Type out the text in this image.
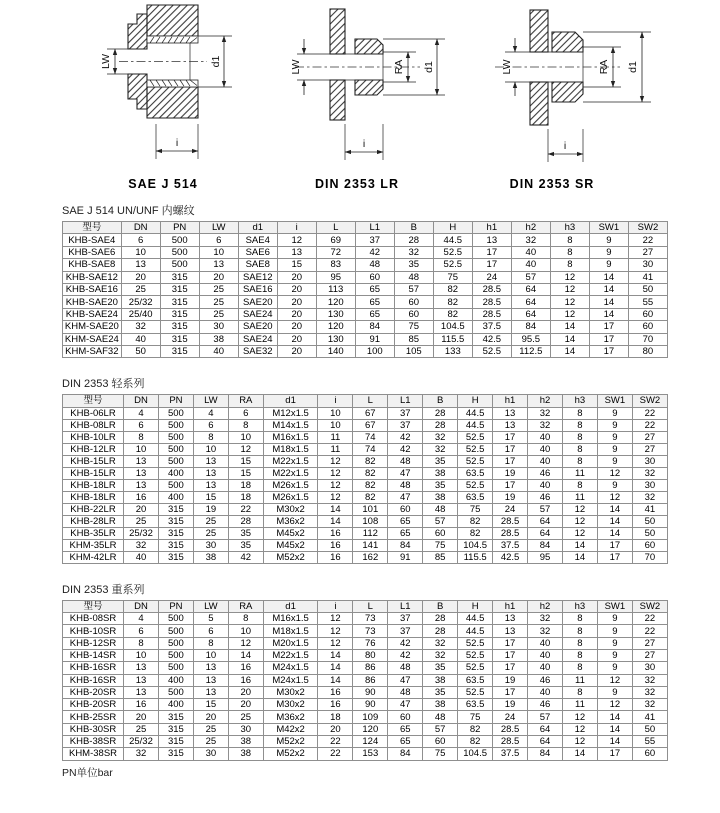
LW	d1
i
LW	RA d1
i
LW	RA d1
i
SAE J 514	DIN 2353 LR	DIN 2353 SR
SAE J 514 UN/UNF 内螺纹
型号	DN	PN	LW	d1	i	L	L1	B	H	h1	h2	h3	SW1	SW2
KHB-SAE4	6	500	6	SAE4	12	69	37	28	44.5	13	32	8	9	22
KHB-SAE6	10	500	10	SAE6	13	72	42	32	52.5	17	40	8	9	27
KHB-SAE8	13	500	13	SAE8	15	83	48	35	52.5	17	40	8	9	30
KHB-SAE12	20	315	20	SAE12	20	95	60	48	75	24	57	12	14	41
KHB-SAE16	25	315	25	SAE16	20	113	65	57	82	28.5	64	12	14	50
KHB-SAE20	25/32	315	25	SAE20	20	120	65	60	82	28.5	64	12	14	55
KHB-SAE24	25/40	315	25	SAE24	20	130	65	60	82	28.5	64	12	14	60
KHM-SAE20	32	315	30	SAE20	20	120	84	75	104.5	37.5	84	14	17	60
KHM-SAE24	40	315	38	SAE24	20	130	91	85	115.5	42.5	95.5	14	17	70
KHM-SAF32	50	315	40	SAE32	20	140	100	105	133	52.5	112.5	14	17	80
DIN 2353 轻系列
型号	DN	PN	LW	RA	d1	i	L	L1	B	H	h1	h2	h3	SW1	SW2
KHB-06LR	4	500	4	6	M12x1.5	10	67	37	28	44.5	13	32	8	9	22
KHB-08LR	6	500	6	8	M14x1.5	10	67	37	28	44.5	13	32	8	9	22
KHB-10LR	8	500	8	10	M16x1.5	11	74	42	32	52.5	17	40	8	9	27
KHB-12LR	10	500	10	12	M18x1.5	11	74	42	32	52.5	17	40	8	9	27
KHB-15LR	13	500	13	15	M22x1.5	12	82	48	35	52.5	17	40	8	9	30
KHB-15LR	13	400	13	15	M22x1.5	12	82	47	38	63.5	19	46	11	12	32
KHB-18LR	13	500	13	18	M26x1.5	12	82	48	35	52.5	17	40	8	9	30
KHB-18LR	16	400	15	18	M26x1.5	12	82	47	38	63.5	19	46	11	12	32
KHB-22LR	20	315	19	22	M30x2	14	101	60	48	75	24	57	12	14	41
KHB-28LR	25	315	25	28	M36x2	14	108	65	57	82	28.5	64	12	14	50
KHB-35LR	25/32	315	25	35	M45x2	16	112	65	60	82	28.5	64	12	14	50
KHM-35LR	32	315	30	35	M45x2	16	141	84	75	104.5	37.5	84	14	17	60
KHM-42LR	40	315	38	42	M52x2	16	162	91	85	115.5	42.5	95	14	17	70
DIN 2353 重系列
型号	DN	PN	LW	RA	d1	i	L	L1	B	H	h1	h2	h3	SW1	SW2
KHB-08SR	4	500	5	8	M16x1.5	12	73	37	28	44.5	13	32	8	9	22
KHB-10SR	6	500	6	10	M18x1.5	12	73	37	28	44.5	13	32	8	9	22
KHB-12SR	8	500	8	12	M20x1.5	12	76	42	32	52.5	17	40	8	9	27
KHB-14SR	10	500	10	14	M22x1.5	14	80	42	32	52.5	17	40	8	9	27
KHB-16SR	13	500	13	16	M24x1.5	14	86	48	35	52.5	17	40	8	9	30
KHB-16SR	13	400	13	16	M24x1.5	14	86	47	38	63.5	19	46	11	12	32
KHB-20SR	13	500	13	20	M30x2	16	90	48	35	52.5	17	40	8	9	32
KHB-20SR	16	400	15	20	M30x2	16	90	47	38	63.5	19	46	11	12	32
KHB-25SR	20	315	20	25	M36x2	18	109	60	48	75	24	57	12	14	41
KHB-30SR	25	315	25	30	M42x2	20	120	65	57	82	28.5	64	12	14	50
KHB-38SR	25/32	315	25	38	M52x2	22	124	65	60	82	28.5	64	12	14	55
KHM-38SR	32	315	30	38	M52x2	22	153	84	75	104.5	37.5	84	14	17	60
PN单位bar
